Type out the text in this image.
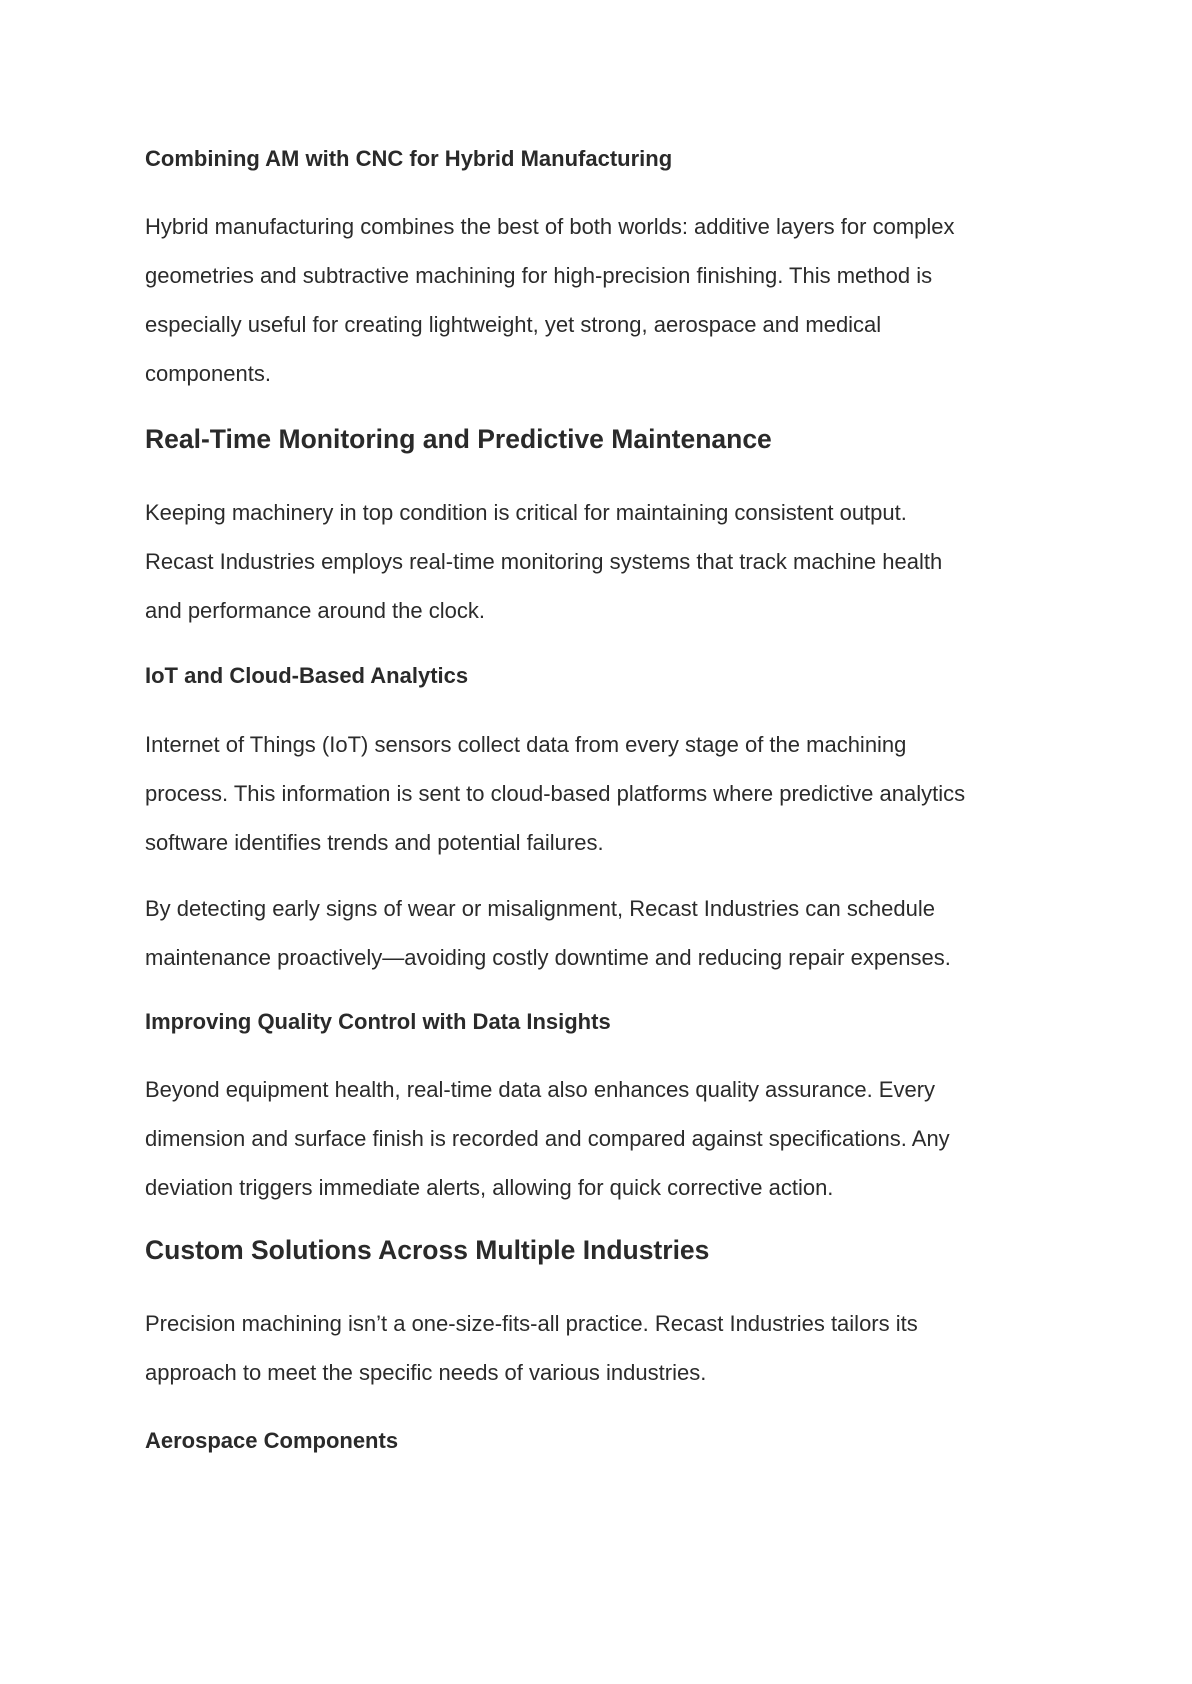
Combining AM with CNC for Hybrid Manufacturing

Hybrid manufacturing combines the best of both worlds: additive layers for complex
geometries and subtractive machining for high-precision finishing. This method is
especially useful for creating lightweight, yet strong, aerospace and medical
components.

Real-Time Monitoring and Predictive Maintenance

Keeping machinery in top condition is critical for maintaining consistent output.
Recast Industries employs real-time monitoring systems that track machine health
and performance around the clock.

IoT and Cloud-Based Analytics

Internet of Things (IoT) sensors collect data from every stage of the machining
process. This information is sent to cloud-based platforms where predictive analytics
software identifies trends and potential failures.

By detecting early signs of wear or misalignment, Recast Industries can schedule
maintenance proactively—avoiding costly downtime and reducing repair expenses.

Improving Quality Control with Data Insights

Beyond equipment health, real-time data also enhances quality assurance. Every
dimension and surface finish is recorded and compared against specifications. Any
deviation triggers immediate alerts, allowing for quick corrective action.

Custom Solutions Across Multiple Industries

Precision machining isn’t a one-size-fits-all practice. Recast Industries tailors its
approach to meet the specific needs of various industries.

Aerospace Components
